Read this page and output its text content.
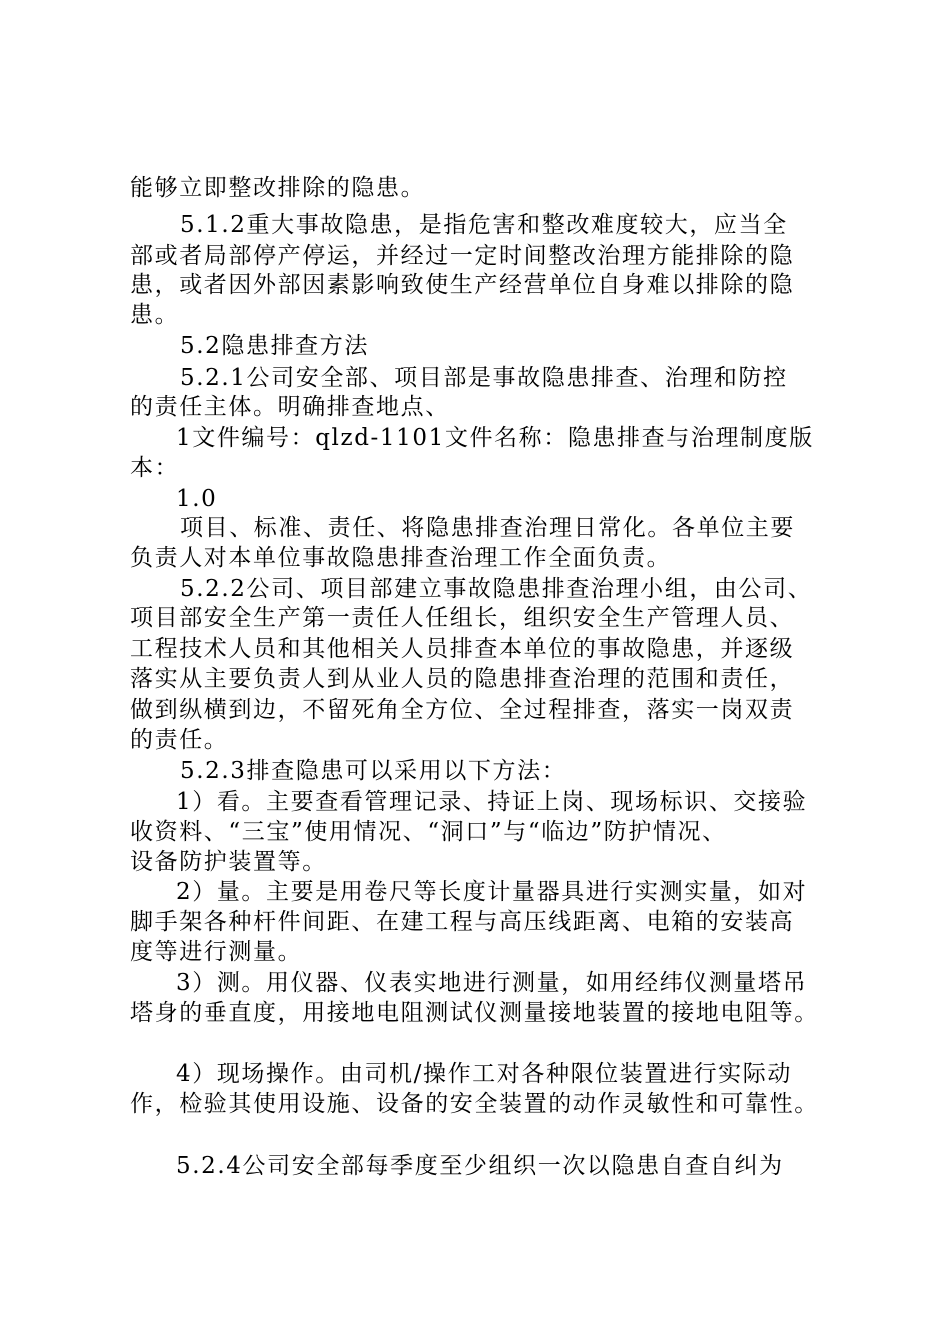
能够立即整改排除的隐患。
5.1.2重大事故隐患，是指危害和整改难度较大，应当全
部或者局部停产停运，并经过一定时间整改治理方能排除的隐
患，或者因外部因素影响致使生产经营单位自身难以排除的隐
患。
5.2隐患排查方法
5.2.1公司安全部、项目部是事故隐患排查、治理和防控
的责任主体。明确排查地点、
1文件编号：qlzd-1101文件名称：隐患排查与治理制度版
本：
1.0
项目、标准、责任、将隐患排查治理日常化。各单位主要
负责人对本单位事故隐患排查治理工作全面负责。
5.2.2公司、项目部建立事故隐患排查治理小组，由公司、
项目部安全生产第一责任人任组长，组织安全生产管理人员、
工程技术人员和其他相关人员排查本单位的事故隐患，并逐级
落实从主要负责人到从业人员的隐患排查治理的范围和责任，
做到纵横到边，不留死角全方位、全过程排查，落实一岗双责
的责任。
5.2.3排查隐患可以采用以下方法：
1）看。主要查看管理记录、持证上岗、现场标识、交接验
收资料、“三宝”使用情况、“洞口”与“临边”防护情况、
设备防护装置等。
2）量。主要是用卷尺等长度计量器具进行实测实量，如对
脚手架各种杆件间距、在建工程与高压线距离、电箱的安装高
度等进行测量。
3）测。用仪器、仪表实地进行测量，如用经纬仪测量塔吊
塔身的垂直度，用接地电阻测试仪测量接地装置的接地电阻等。
4）现场操作。由司机/操作工对各种限位装置进行实际动
作，检验其使用设施、设备的安全装置的动作灵敏性和可靠性。
5.2.4公司安全部每季度至少组织一次以隐患自查自纠为
